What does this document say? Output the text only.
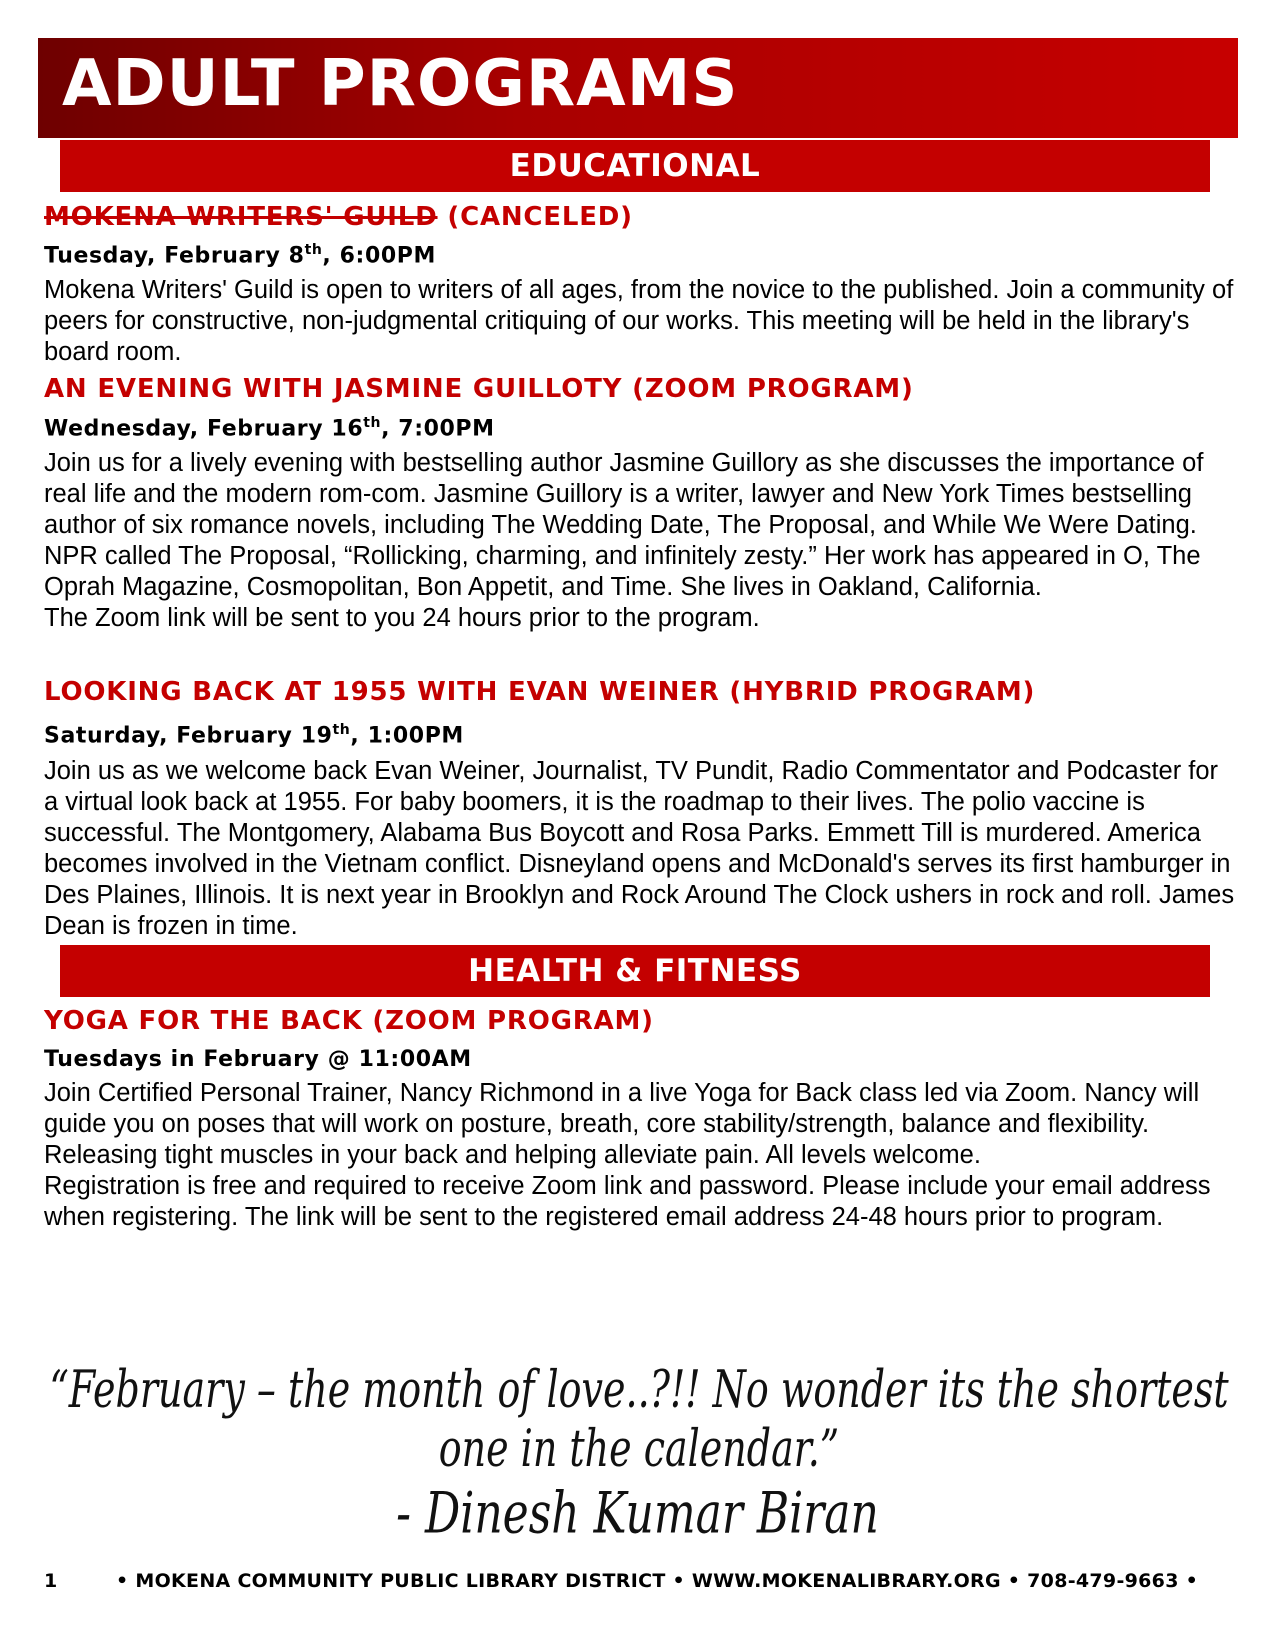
ADULT PROGRAMS
EDUCATIONAL
MOKENA WRITERS' GUILD (CANCELED)
Tuesday, February 8th, 6:00PM

Mokena Writers' Guild is open to writers of all ages, from the novice to the published. Join a community of peers for constructive, non-judgmental critiquing of our works. This meeting will be held in the library's board room.

AN EVENING WITH JASMINE GUILLOTY (ZOOM PROGRAM)
Wednesday, February 16th, 7:00PM

Join us for a lively evening with bestselling author Jasmine Guillory as she discusses the importance of real life and the modern rom-com. Jasmine Guillory is a writer, lawyer and New York Times bestselling author of six romance novels, including The Wedding Date, The Proposal, and While We Were Dating. NPR called The Proposal, “Rollicking, charming, and infinitely zesty.” Her work has appeared in O, The Oprah Magazine, Cosmopolitan, Bon Appetit, and Time. She lives in Oakland, California.

The Zoom link will be sent to you 24 hours prior to the program.

LOOKING BACK AT 1955 WITH EVAN WEINER (HYBRID PROGRAM)
Saturday, February 19th, 1:00PM

Join us as we welcome back Evan Weiner, Journalist, TV Pundit, Radio Commentator and Podcaster for a virtual look back at 1955. For baby boomers, it is the roadmap to their lives. The polio vaccine is successful. The Montgomery, Alabama Bus Boycott and Rosa Parks. Emmett Till is murdered. America becomes involved in the Vietnam conflict. Disneyland opens and McDonald's serves its first hamburger in Des Plaines, Illinois. It is next year in Brooklyn and Rock Around The Clock ushers in rock and roll. James Dean is frozen in time.

HEALTH & FITNESS
YOGA FOR THE BACK (ZOOM PROGRAM)
Tuesdays in February @ 11:00AM

Join Certified Personal Trainer, Nancy Richmond in a live Yoga for Back class led via Zoom. Nancy will guide you on poses that will work on posture, breath, core stability/strength, balance and flexibility. Releasing tight muscles in your back and helping alleviate pain. All levels welcome.

Registration is free and required to receive Zoom link and password. Please include your email address when registering. The link will be sent to the registered email address 24-48 hours prior to program.

“February – the month of love..?!! No wonder its the shortest one in the calendar.”
- Dinesh Kumar Biran
1	• MOKENA COMMUNITY PUBLIC LIBRARY DISTRICT • WWW.MOKENALIBRARY.ORG • 708-479-9663 •
